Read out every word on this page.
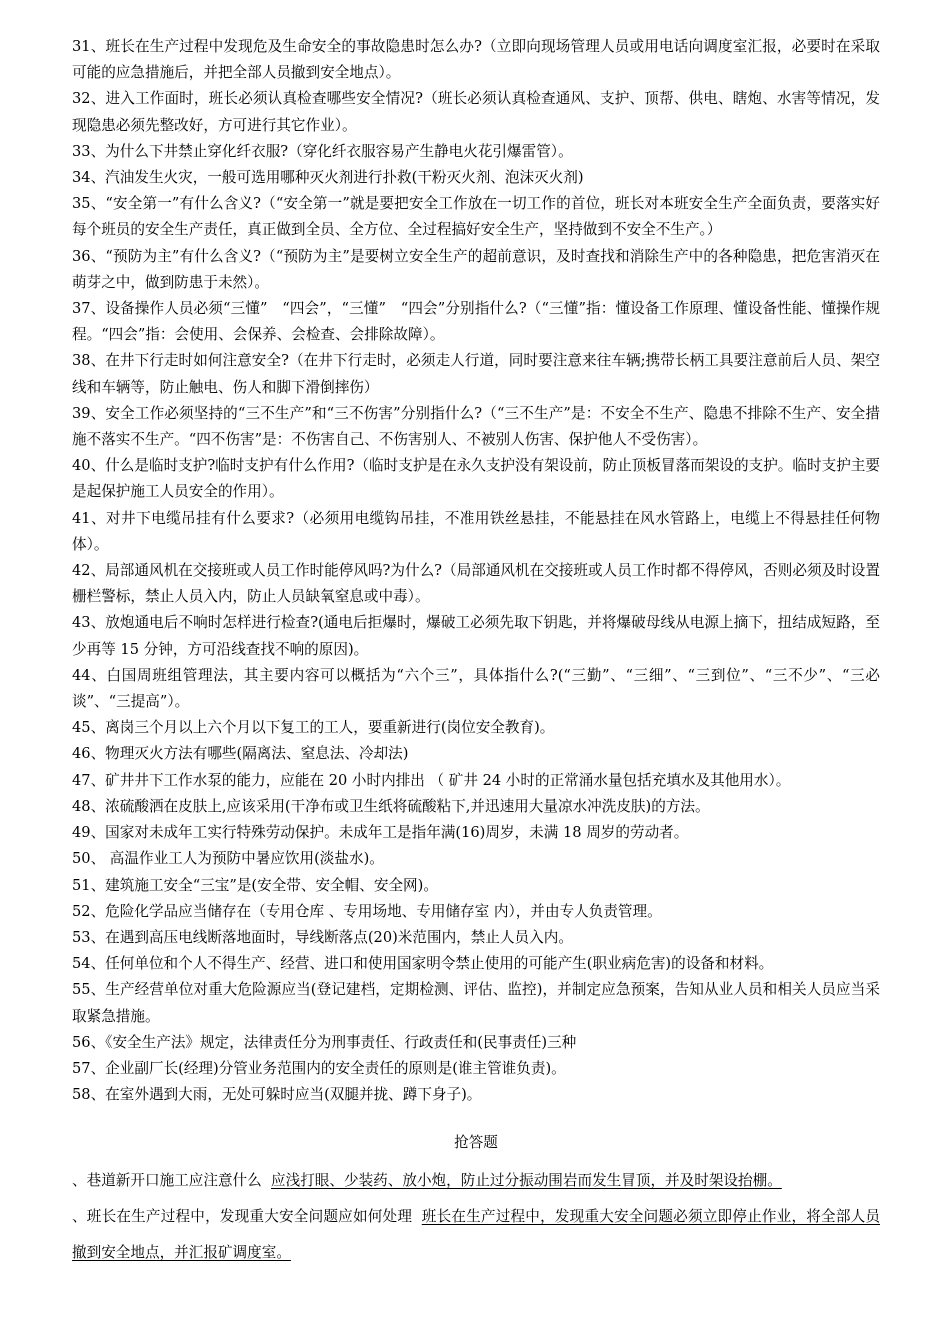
31、班长在生产过程中发现危及生命安全的事故隐患时怎么办?（立即向现场管理人员或用电话向调度室汇报，必要时在采取可能的应急措施后，并把全部人员撤到安全地点）。

32、进入工作面时，班长必须认真检查哪些安全情况?（班长必须认真检查通风、支护、顶帮、供电、瞎炮、水害等情况，发现隐患必须先整改好，方可进行其它作业）。

33、为什么下井禁止穿化纤衣服?（穿化纤衣服容易产生静电火花引爆雷管）。

34、汽油发生火灾，一般可选用哪种灭火剂进行扑救(干粉灭火剂、泡沫灭火剂)

35、“安全第一”有什么含义?（“安全第一”就是要把安全工作放在一切工作的首位，班长对本班安全生产全面负责，要落实好每个班员的安全生产责任，真正做到全员、全方位、全过程搞好安全生产，坚持做到不安全不生产。）

36、“预防为主”有什么含义?（“预防为主”是要树立安全生产的超前意识，及时查找和消除生产中的各种隐患，把危害消灭在萌芽之中，做到防患于未然）。

37、设备操作人员必须“三懂”　“四会”，“三懂”　“四会”分别指什么?（“三懂”指：懂设备工作原理、懂设备性能、懂操作规程。“四会”指：会使用、会保养、会检查、会排除故障）。

38、在井下行走时如何注意安全?（在井下行走时，必须走人行道，同时要注意来往车辆;携带长柄工具要注意前后人员、架空线和车辆等，防止触电、伤人和脚下滑倒摔伤）

39、安全工作必须坚持的“三不生产”和“三不伤害”分别指什么?（“三不生产”是：不安全不生产、隐患不排除不生产、安全措施不落实不生产。“四不伤害”是：不伤害自己、不伤害别人、不被别人伤害、保护他人不受伤害）。

40、什么是临时支护?临时支护有什么作用?（临时支护是在永久支护没有架设前，防止顶板冒落而架设的支护。临时支护主要是起保护施工人员安全的作用）。

41、对井下电缆吊挂有什么要求?（必须用电缆钩吊挂，不准用铁丝悬挂，不能悬挂在风水管路上，电缆上不得悬挂任何物体）。

42、局部通风机在交接班或人员工作时能停风吗?为什么?（局部通风机在交接班或人员工作时都不得停风，否则必须及时设置栅栏警标，禁止人员入内，防止人员缺氧窒息或中毒）。

43、放炮通电后不响时怎样进行检查?(通电后拒爆时，爆破工必须先取下钥匙，并将爆破母线从电源上摘下，扭结成短路，至少再等 15 分钟，方可沿线查找不响的原因)。

44、白国周班组管理法，其主要内容可以概括为“六个三”，具体指什么?(“三勤”、“三细”、“三到位”、“三不少”、“三必谈”、“三提高”）。

45、离岗三个月以上六个月以下复工的工人，要重新进行(岗位安全教育)。

46、物理灭火方法有哪些(隔离法、窒息法、冷却法)

47、矿井井下工作水泵的能力，应能在 20 小时内排出 （ 矿井 24 小时的正常涌水量包括充填水及其他用水）。

48、浓硫酸洒在皮肤上,应该采用(干净布或卫生纸将硫酸粘下,并迅速用大量凉水冲洗皮肤)的方法。

49、国家对未成年工实行特殊劳动保护。未成年工是指年满(16)周岁，未满 18 周岁的劳动者。

50、 高温作业工人为预防中暑应饮用(淡盐水)。

51、建筑施工安全“三宝”是(安全带、安全帽、安全网)。

52、危险化学品应当储存在（专用仓库 、专用场地、专用储存室 内），并由专人负责管理。

53、在遇到高压电线断落地面时，导线断落点(20)米范围内，禁止人员入内。

54、任何单位和个人不得生产、经营、进口和使用国家明令禁止使用的可能产生(职业病危害)的设备和材料。

55、生产经营单位对重大危险源应当(登记建档，定期检测、评估、监控)，并制定应急预案，告知从业人员和相关人员应当采取紧急措施。

56、《安全生产法》规定，法律责任分为刑事责任、行政责任和(民事责任)三种

57、企业副厂长(经理)分管业务范围内的安全责任的原则是(谁主管谁负责)。

58、在室外遇到大雨，无处可躲时应当(双腿并拢、蹲下身子)。

抢答题

、巷道新开口施工应注意什么 应浅打眼、少装药、放小炮，防止过分振动围岩而发生冒顶，并及时架设抬棚。

、班长在生产过程中，发现重大安全问题应如何处理 班长在生产过程中，发现重大安全问题必须立即停止作业，将全部人员撤到安全地点，并汇报矿调度室。
